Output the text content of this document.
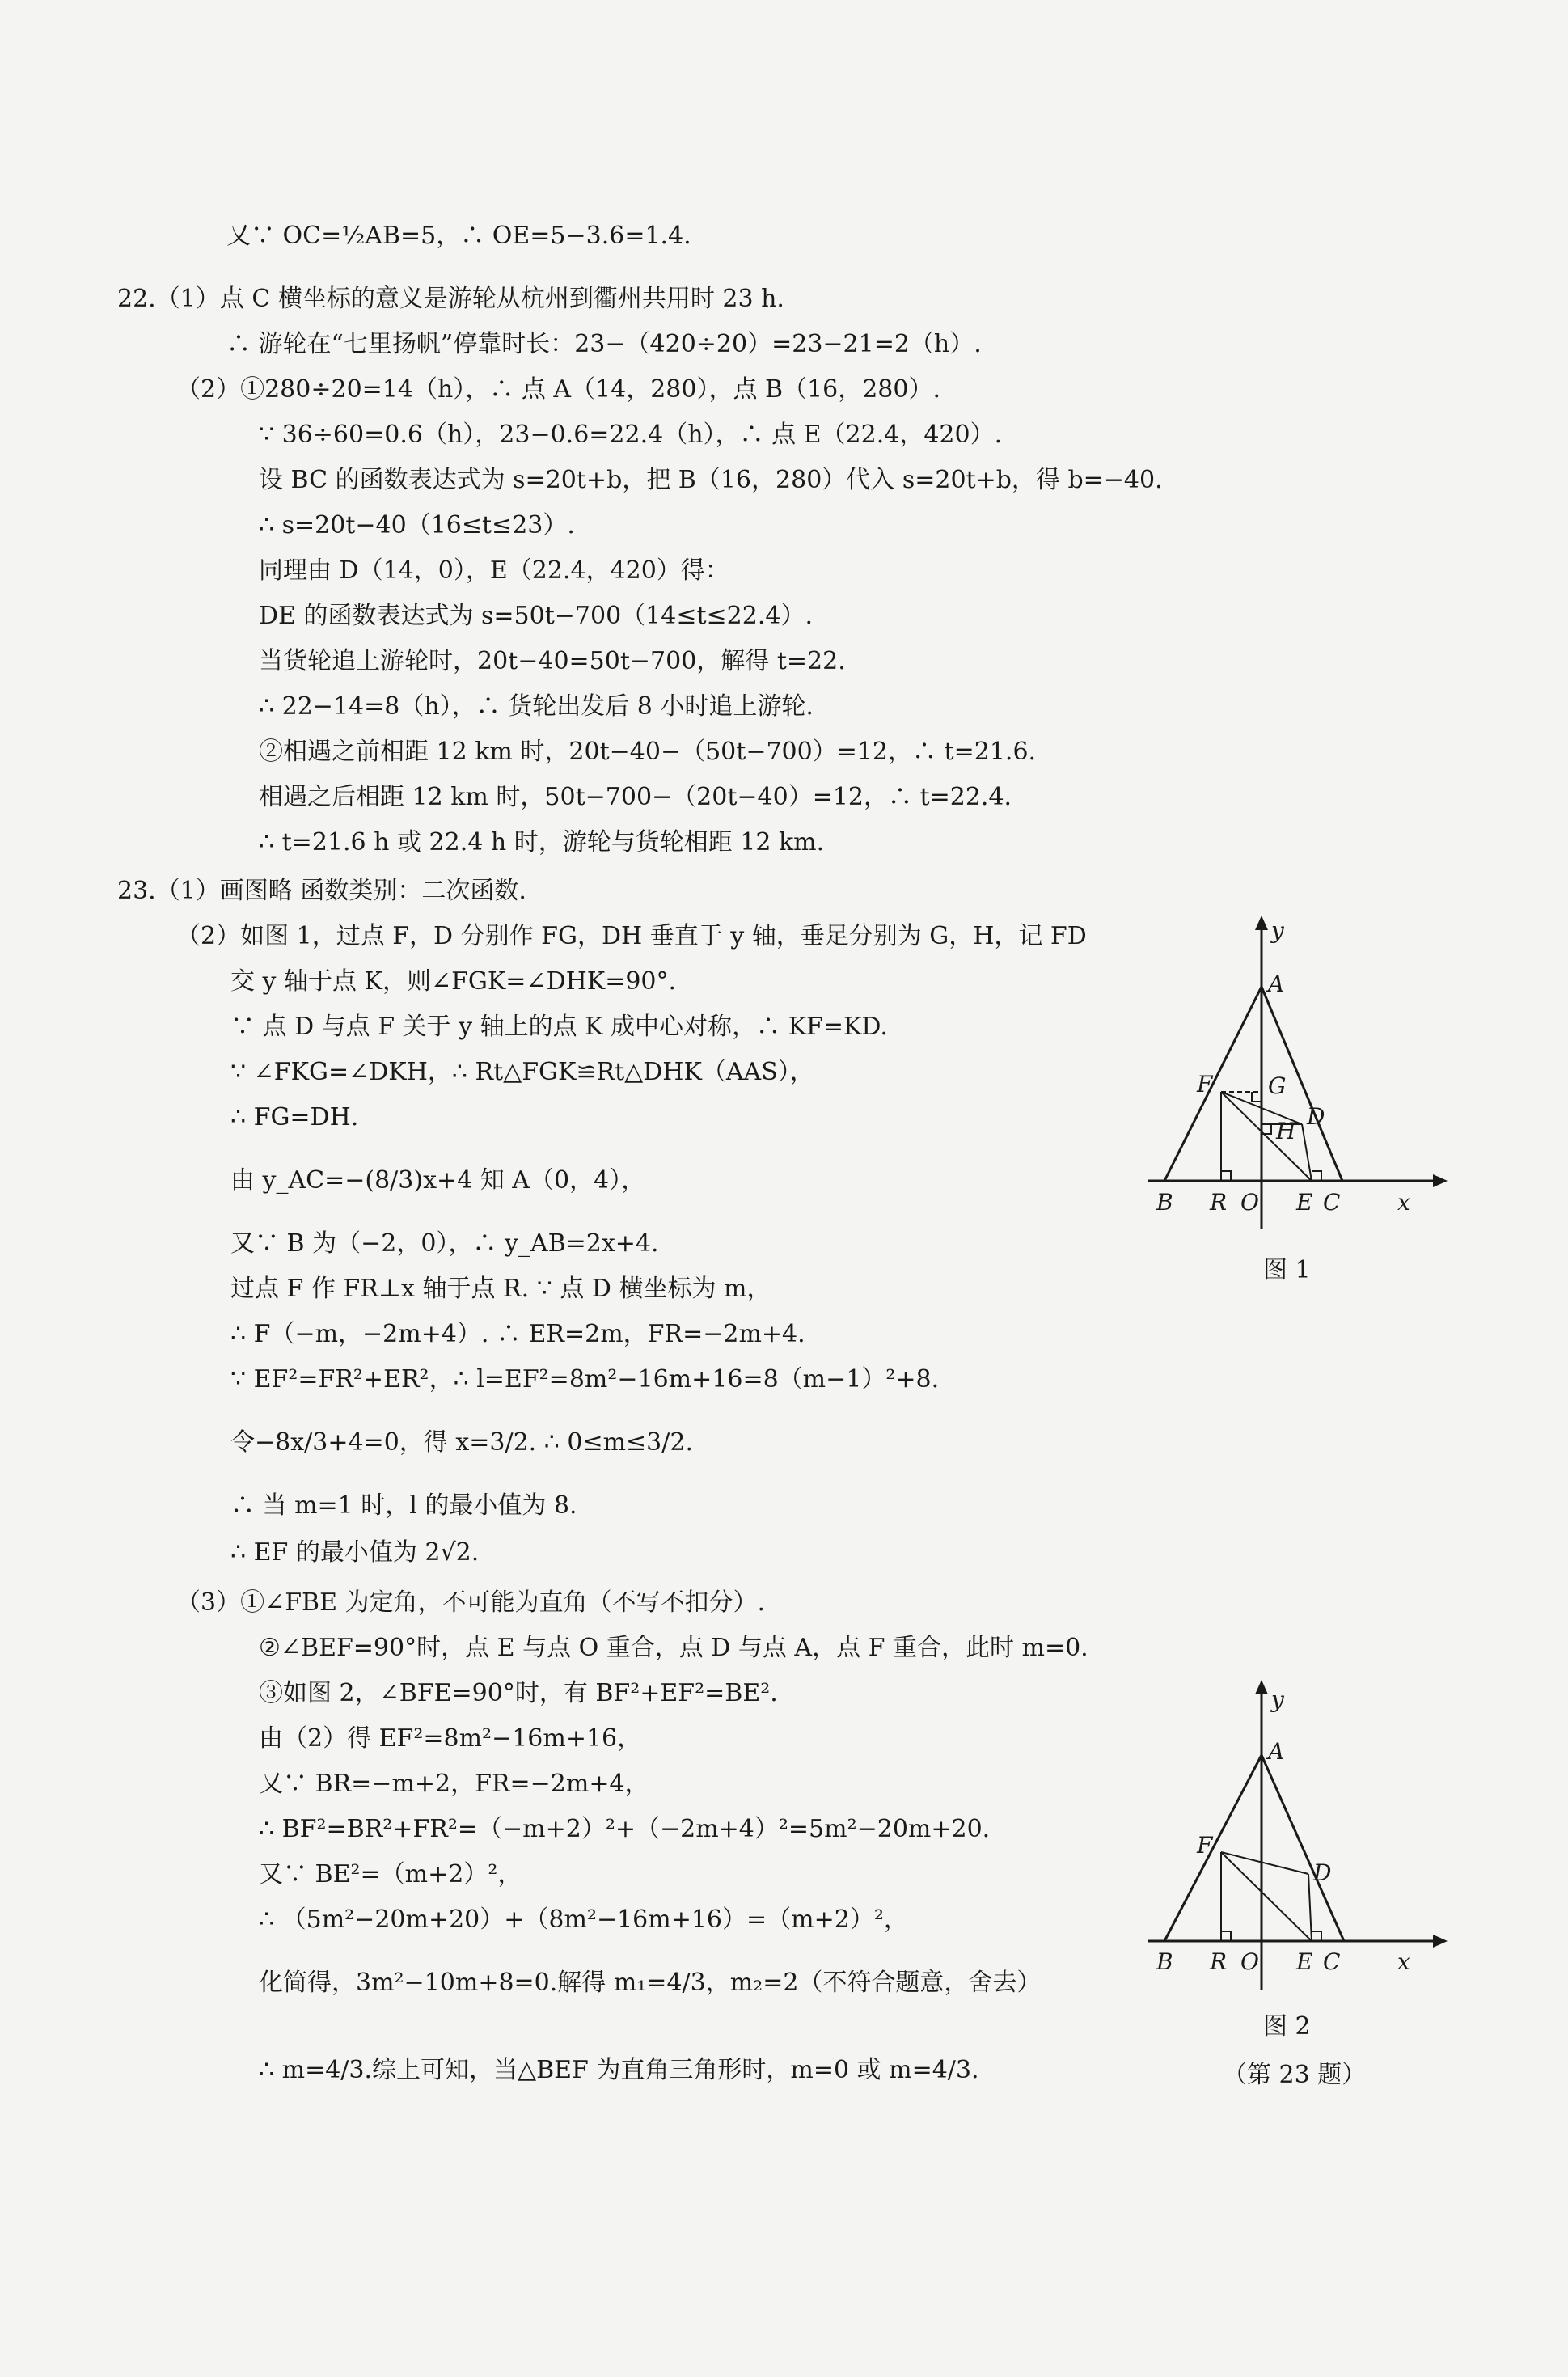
又∵ OC=½AB=5，∴ OE=5−3.6=1.4.
22.（1）点 C 横坐标的意义是游轮从杭州到衢州共用时 23 h.
∴ 游轮在“七里扬帆”停靠时长：23−（420÷20）=23−21=2（h）.
（2）①280÷20=14（h），∴ 点 A（14，280），点 B（16，280）.
∵ 36÷60=0.6（h），23−0.6=22.4（h），∴ 点 E（22.4，420）.
设 BC 的函数表达式为 s=20t+b，把 B（16，280）代入 s=20t+b，得 b=−40.
∴ s=20t−40（16≤t≤23）.
同理由 D（14，0），E（22.4，420）得：
DE 的函数表达式为 s=50t−700（14≤t≤22.4）.
当货轮追上游轮时，20t−40=50t−700，解得 t=22.
∴ 22−14=8（h），∴ 货轮出发后 8 小时追上游轮.
②相遇之前相距 12 km 时，20t−40−（50t−700）=12，∴ t=21.6.
相遇之后相距 12 km 时，50t−700−（20t−40）=12，∴ t=22.4.
∴ t=21.6 h 或 22.4 h 时，游轮与货轮相距 12 km.
23.（1）画图略 函数类别：二次函数.
（2）如图 1，过点 F，D 分别作 FG，DH 垂直于 y 轴，垂足分别为 G，H，记 FD
交 y 轴于点 K，则∠FGK=∠DHK=90°.
∵ 点 D 与点 F 关于 y 轴上的点 K 成中心对称，∴ KF=KD.
∵ ∠FKG=∠DKH，∴ Rt△FGK≌Rt△DHK（AAS），
∴ FG=DH.
由 y_AC=−(8/3)x+4 知 A（0，4），
又∵ B 为（−2，0），∴ y_AB=2x+4.
过点 F 作 FR⊥x 轴于点 R. ∵ 点 D 横坐标为 m，
∴ F（−m，−2m+4）. ∴ ER=2m，FR=−2m+4.
∵ EF²=FR²+ER²，∴ l=EF²=8m²−16m+16=8（m−1）²+8.
令−8x/3+4=0，得 x=3/2. ∴ 0≤m≤3/2.
∴ 当 m=1 时，l 的最小值为 8.
∴ EF 的最小值为 2√2.
（3）①∠FBE 为定角，不可能为直角（不写不扣分）.
②∠BEF=90°时，点 E 与点 O 重合，点 D 与点 A，点 F 重合，此时 m=0.
③如图 2，∠BFE=90°时，有 BF²+EF²=BE².
由（2）得 EF²=8m²−16m+16，
又∵ BR=−m+2，FR=−2m+4，
∴ BF²=BR²+FR²=（−m+2）²+（−2m+4）²=5m²−20m+20.
又∵ BE²=（m+2）²，
∴ （5m²−20m+20）+（8m²−16m+16）=（m+2）²，
化简得，3m²−10m+8=0.解得 m₁=4/3，m₂=2（不符合题意，舍去）
∴ m=4/3.综上可知，当△BEF 为直角三角形时，m=0 或 m=4/3.
y
A
F G
D
H
B R O E C	x
图 1
y
A
F
D
B R O E C	x
图 2
（第 23 题）
